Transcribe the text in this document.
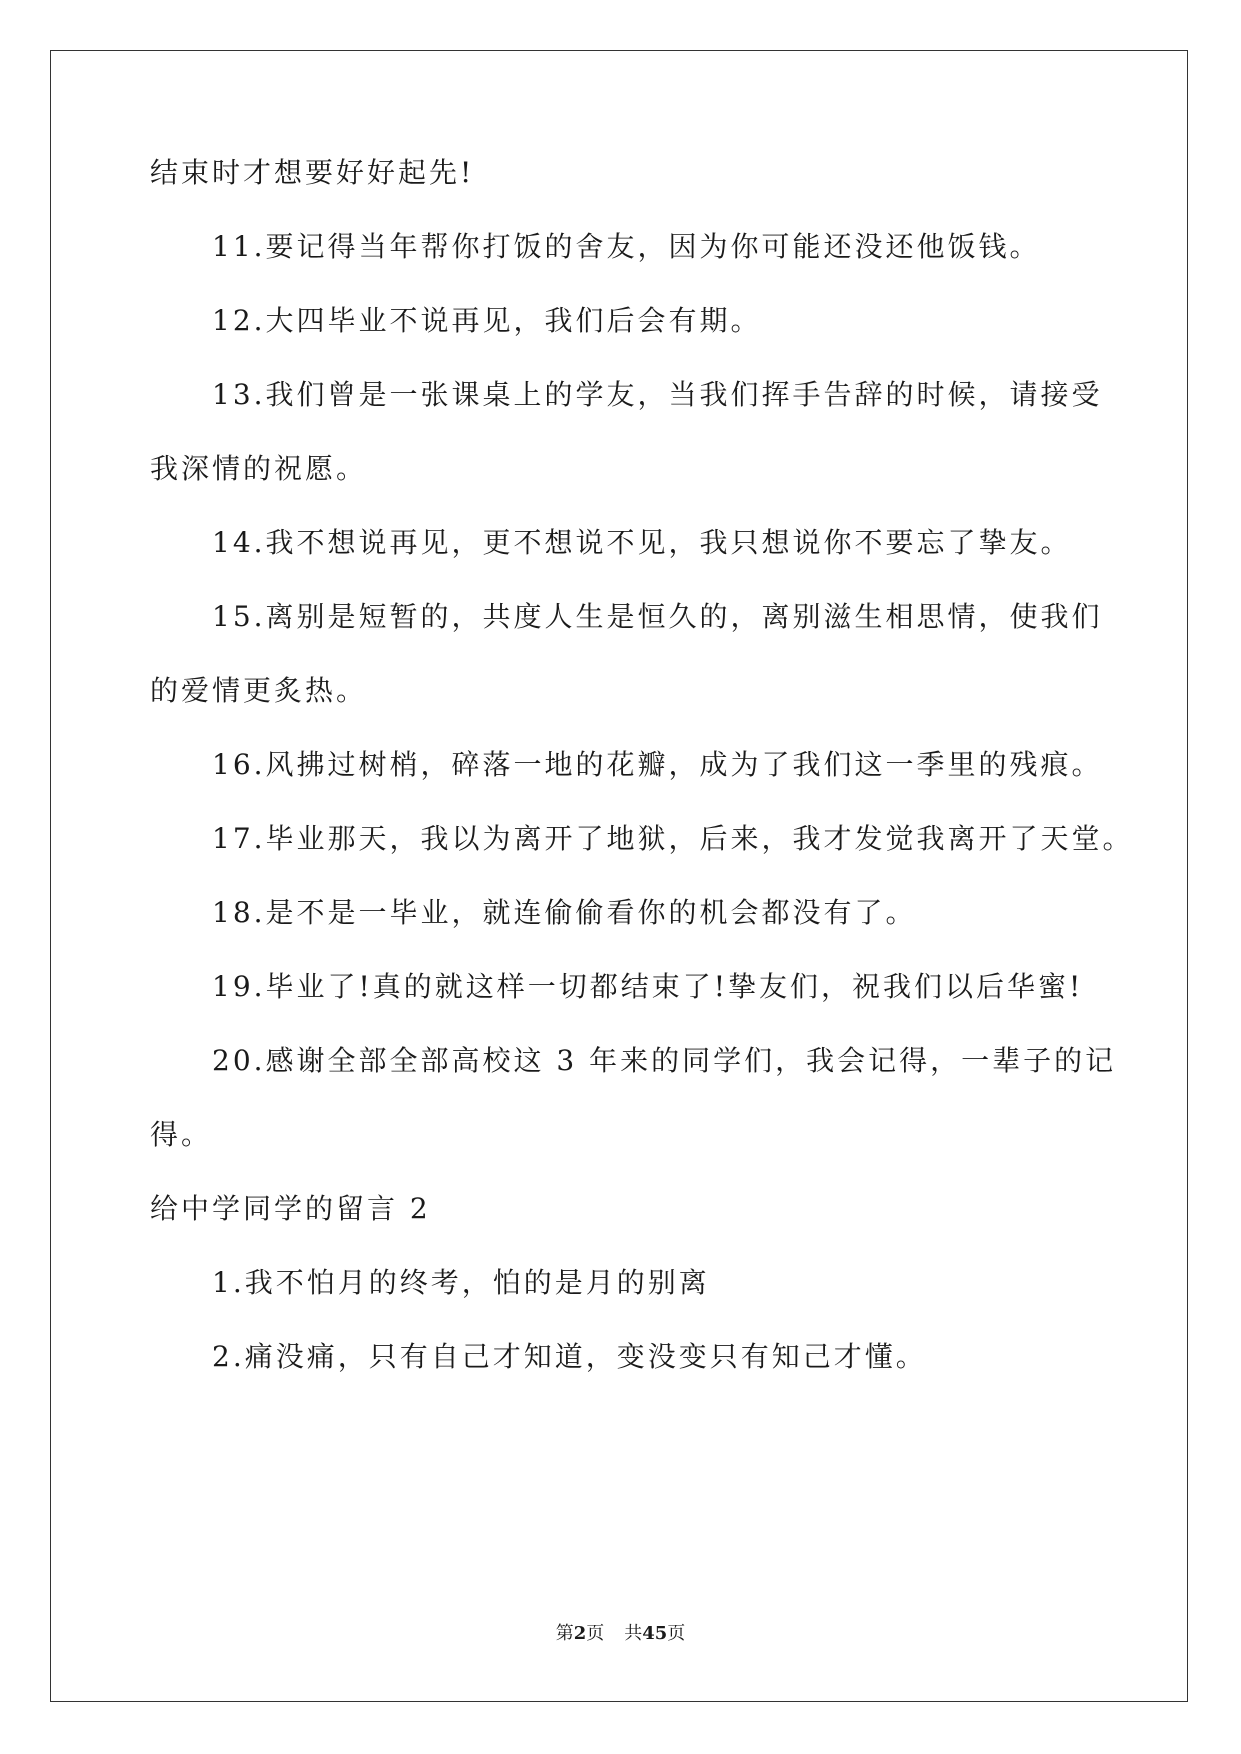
结束时才想要好好起先!
11.要记得当年帮你打饭的舍友，因为你可能还没还他饭钱。
12.大四毕业不说再见，我们后会有期。
13.我们曾是一张课桌上的学友，当我们挥手告辞的时候，请接受
我深情的祝愿。
14.我不想说再见，更不想说不见，我只想说你不要忘了挚友。
15.离别是短暂的，共度人生是恒久的，离别滋生相思情，使我们
的爱情更炙热。
16.风拂过树梢，碎落一地的花瓣，成为了我们这一季里的残痕。
17.毕业那天，我以为离开了地狱，后来，我才发觉我离开了天堂。
18.是不是一毕业，就连偷偷看你的机会都没有了。
19.毕业了!真的就这样一切都结束了!挚友们，祝我们以后华蜜!
20.感谢全部全部高校这 3 年来的同学们，我会记得，一辈子的记
得。
给中学同学的留言 2
1.我不怕月的终考，怕的是月的别离
2.痛没痛，只有自己才知道，变没变只有知己才懂。
第2页 共45页
